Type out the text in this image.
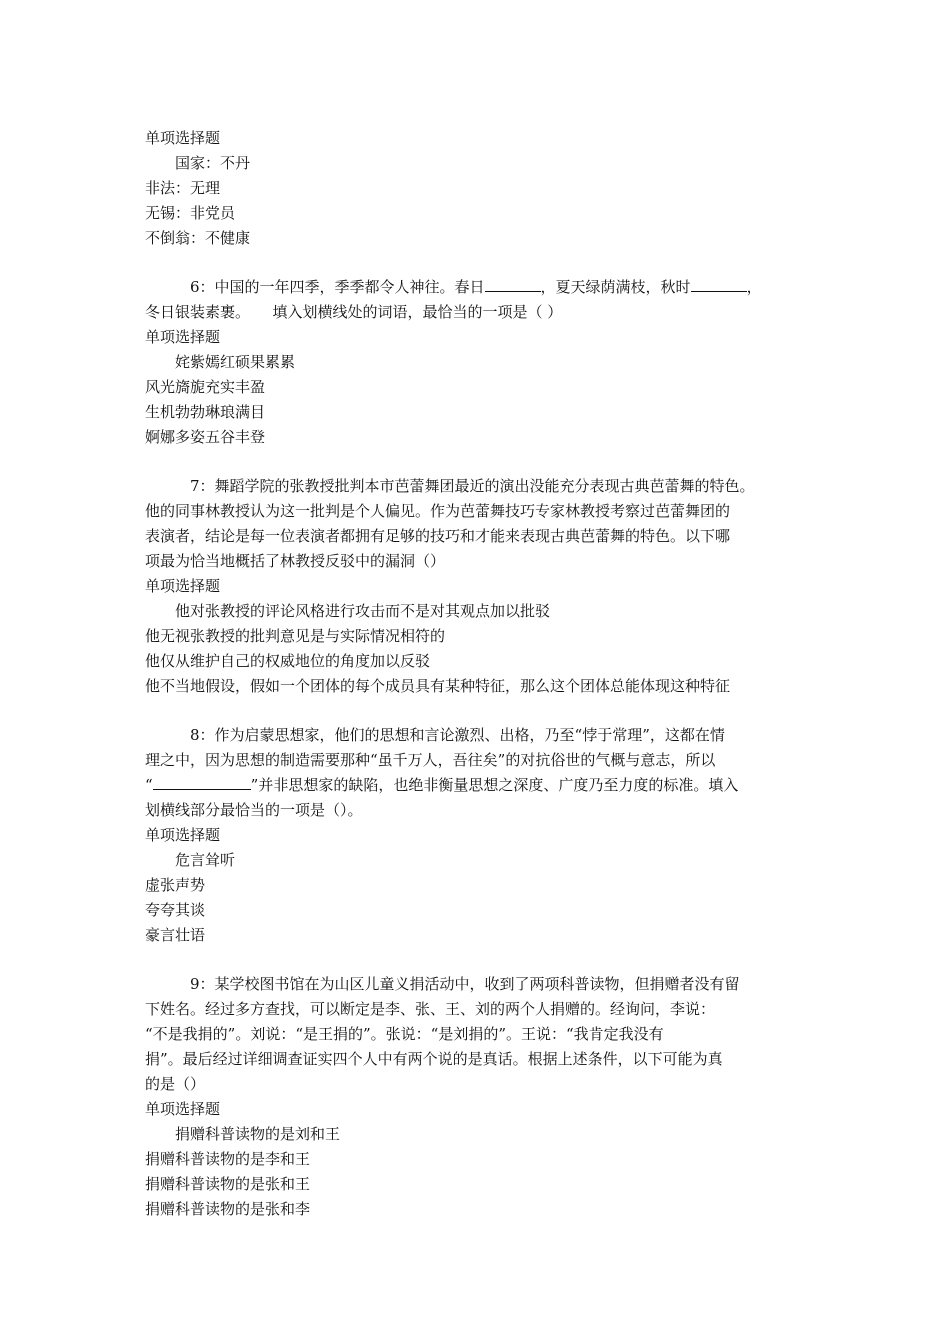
单项选择题
国家：不丹
非法：无理
无锡：非党员
不倒翁：不健康
6：中国的一年四季，季季都令人神往。春日	，夏天绿荫满枝，秋时	，
冬日银装素裹。　　填入划横线处的词语，最恰当的一项是（ ）
单项选择题
姹紫嫣红硕果累累
风光旖旎充实丰盈
生机勃勃琳琅满目
婀娜多姿五谷丰登
7：舞蹈学院的张教授批判本市芭蕾舞团最近的演出没能充分表现古典芭蕾舞的特色。
他的同事林教授认为这一批判是个人偏见。作为芭蕾舞技巧专家林教授考察过芭蕾舞团的
表演者，结论是每一位表演者都拥有足够的技巧和才能来表现古典芭蕾舞的特色。以下哪
项最为恰当地概括了林教授反驳中的漏洞（）
单项选择题
他对张教授的评论风格进行攻击而不是对其观点加以批驳
他无视张教授的批判意见是与实际情况相符的
他仅从维护自己的权威地位的角度加以反驳
他不当地假设，假如一个团体的每个成员具有某种特征，那么这个团体总能体现这种特征
8：作为启蒙思想家，他们的思想和言论激烈、出格，乃至“悖于常理”，这都在情
理之中，因为思想的制造需要那种“虽千万人，吾往矣”的对抗俗世的气概与意志，所以
“	”并非思想家的缺陷，也绝非衡量思想之深度、广度乃至力度的标准。填入
划横线部分最恰当的一项是（）。
单项选择题
危言耸听
虚张声势
夸夸其谈
豪言壮语
9：某学校图书馆在为山区儿童义捐活动中，收到了两项科普读物，但捐赠者没有留
下姓名。经过多方查找，可以断定是李、张、王、刘的两个人捐赠的。经询问，李说：
“不是我捐的”。刘说：“是王捐的”。张说：“是刘捐的”。王说：“我肯定我没有
捐”。最后经过详细调查证实四个人中有两个说的是真话。根据上述条件，以下可能为真
的是（）
单项选择题
捐赠科普读物的是刘和王
捐赠科普读物的是李和王
捐赠科普读物的是张和王
捐赠科普读物的是张和李
